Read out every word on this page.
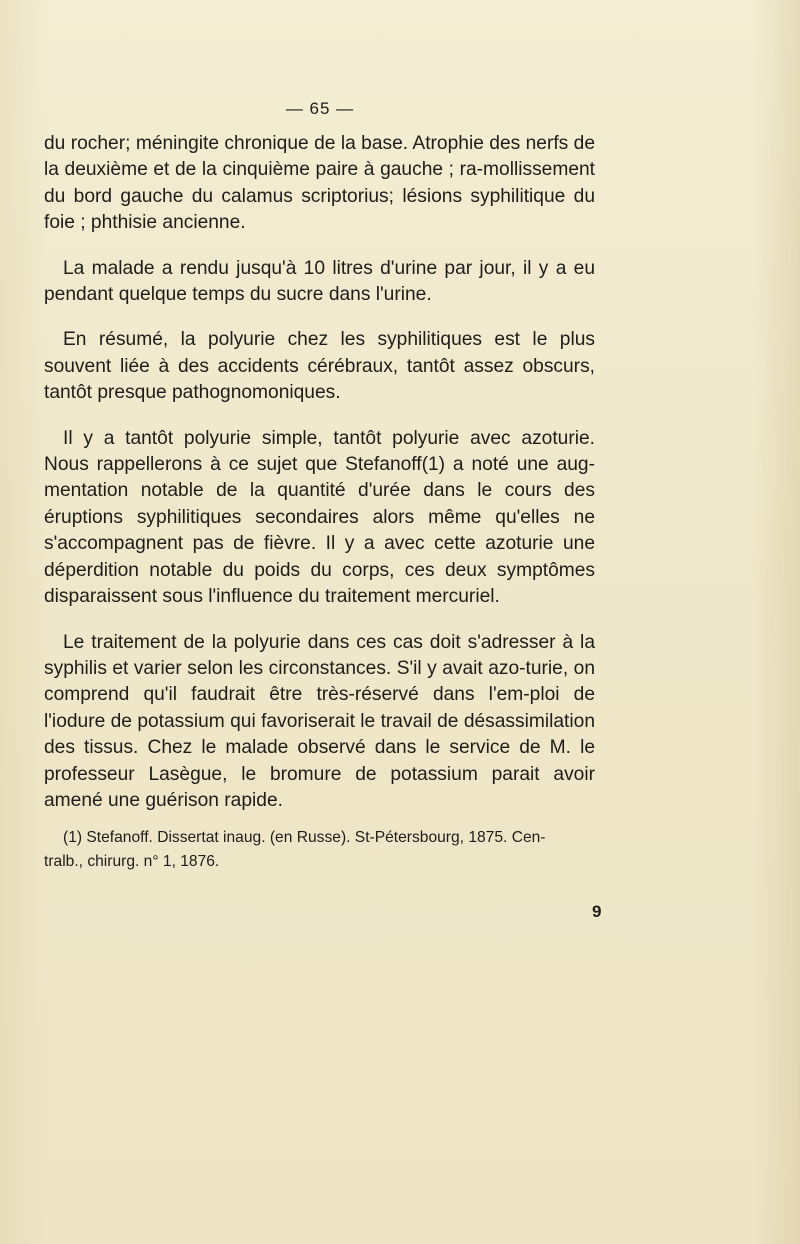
— 65 —

du rocher; méningite chronique de la base. Atrophie des nerfs de la deuxième et de la cinquième paire à gauche ; ra-mollissement du bord gauche du calamus scriptorius; lésions syphilitique du foie ; phthisie ancienne.

La malade a rendu jusqu'à 10 litres d'urine par jour, il y a eu pendant quelque temps du sucre dans l'urine.

En résumé, la polyurie chez les syphilitiques est le plus souvent liée à des accidents cérébraux, tantôt assez obscurs, tantôt presque pathognomoniques.

Il y a tantôt polyurie simple, tantôt polyurie avec azoturie. Nous rappellerons à ce sujet que Stefanoff(1) a noté une aug-mentation notable de la quantité d'urée dans le cours des éruptions syphilitiques secondaires alors même qu'elles ne s'accompagnent pas de fièvre. Il y a avec cette azoturie une déperdition notable du poids du corps, ces deux symptômes disparaissent sous l'influence du traitement mercuriel.

Le traitement de la polyurie dans ces cas doit s'adresser à la syphilis et varier selon les circonstances. S'il y avait azo-turie, on comprend qu'il faudrait être très-réservé dans l'em-ploi de l'iodure de potassium qui favoriserait le travail de désassimilation des tissus. Chez le malade observé dans le service de M. le professeur Lasègue, le bromure de potassium parait avoir amené une guérison rapide.

(1) Stefanoff. Dissertat inaug. (en Russe). St-Pétersbourg, 1875. Cen-
tralb., chirurg. n° 1, 1876.
9
